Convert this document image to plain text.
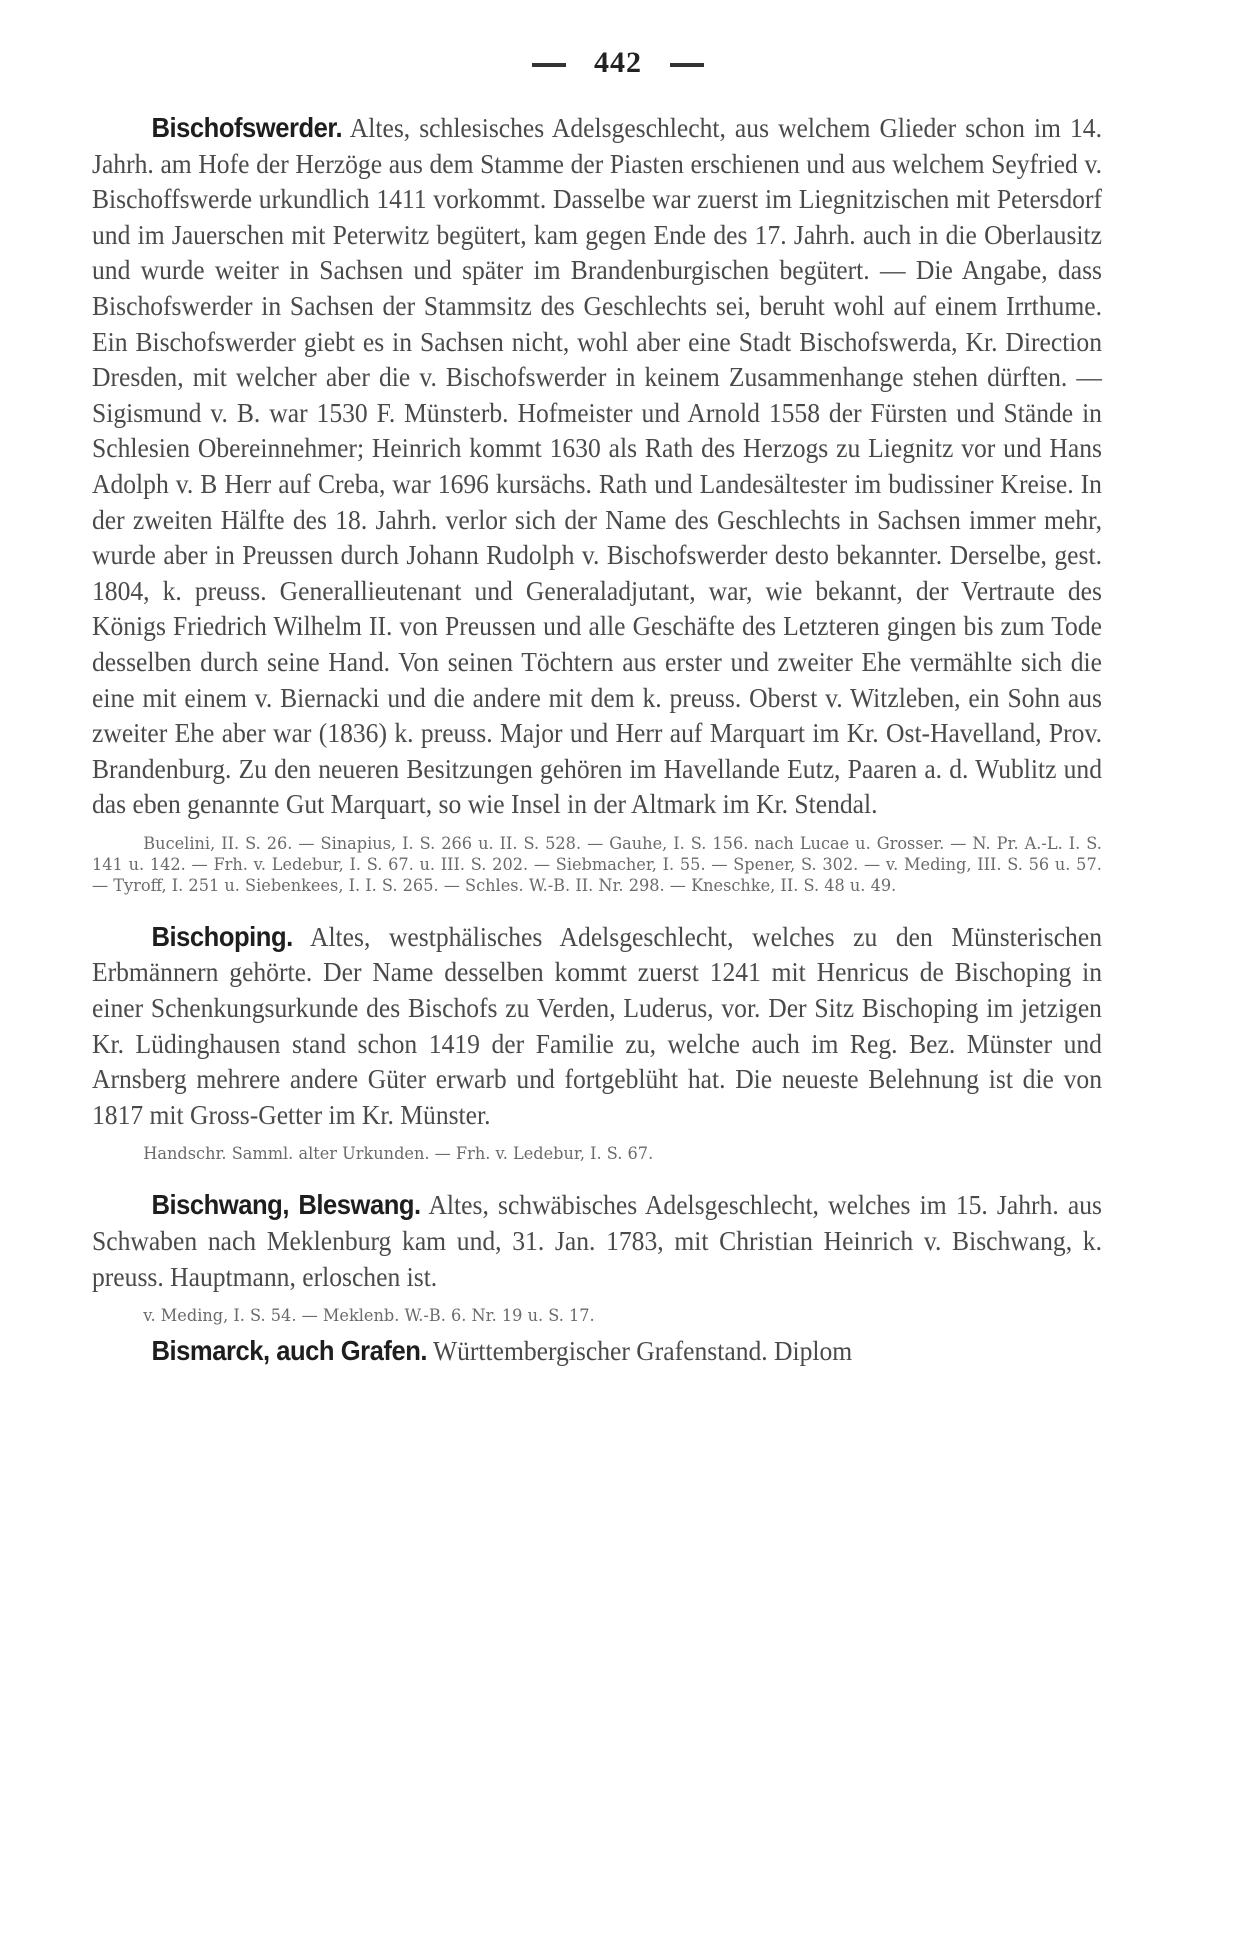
442

Bischofswerder. Altes, schlesisches Adelsgeschlecht, aus welchem Glieder schon im 14. Jahrh. am Hofe der Herzöge aus dem Stamme der Piasten erschienen und aus welchem Seyfried v. Bischoffswerde urkundlich 1411 vorkommt. Dasselbe war zuerst im Liegnitzischen mit Petersdorf und im Jauerschen mit Peterwitz begütert, kam gegen Ende des 17. Jahrh. auch in die Oberlausitz und wurde weiter in Sachsen und später im Brandenburgischen begütert. — Die Angabe, dass Bischofswerder in Sachsen der Stammsitz des Geschlechts sei, beruht wohl auf einem Irrthume. Ein Bischofswerder giebt es in Sachsen nicht, wohl aber eine Stadt Bischofswerda, Kr. Direction Dresden, mit welcher aber die v. Bischofswerder in keinem Zusammenhange stehen dürften. — Sigismund v. B. war 1530 F. Münsterb. Hofmeister und Arnold 1558 der Fürsten und Stände in Schlesien Obereinnehmer; Heinrich kommt 1630 als Rath des Herzogs zu Liegnitz vor und Hans Adolph v. B Herr auf Creba, war 1696 kursächs. Rath und Landesältester im budissiner Kreise. In der zweiten Hälfte des 18. Jahrh. verlor sich der Name des Geschlechts in Sachsen immer mehr, wurde aber in Preussen durch Johann Rudolph v. Bischofswerder desto bekannter. Derselbe, gest. 1804, k. preuss. Generallieutenant und Generaladjutant, war, wie bekannt, der Vertraute des Königs Friedrich Wilhelm II. von Preussen und alle Geschäfte des Letzteren gingen bis zum Tode desselben durch seine Hand. Von seinen Töchtern aus erster und zweiter Ehe vermählte sich die eine mit einem v. Biernacki und die andere mit dem k. preuss. Oberst v. Witzleben, ein Sohn aus zweiter Ehe aber war (1836) k. preuss. Major und Herr auf Marquart im Kr. Ost-Havelland, Prov. Brandenburg. Zu den neueren Besitzungen gehören im Havellande Eutz, Paaren a. d. Wublitz und das eben genannte Gut Marquart, so wie Insel in der Altmark im Kr. Stendal.

Bucelini, II. S. 26. — Sinapius, I. S. 266 u. II. S. 528. — Gauhe, I. S. 156. nach Lucae u. Grosser. — N. Pr. A.-L. I. S. 141 u. 142. — Frh. v. Ledebur, I. S. 67. u. III. S. 202. — Siebmacher, I. 55. — Spener, S. 302. — v. Meding, III. S. 56 u. 57. — Tyroff, I. 251 u. Siebenkees, I. I. S. 265. — Schles. W.-B. II. Nr. 298. — Kneschke, II. S. 48 u. 49.

Bischoping. Altes, westphälisches Adelsgeschlecht, welches zu den Münsterischen Erbmännern gehörte. Der Name desselben kommt zuerst 1241 mit Henricus de Bischoping in einer Schenkungsurkunde des Bischofs zu Verden, Luderus, vor. Der Sitz Bischoping im jetzigen Kr. Lüdinghausen stand schon 1419 der Familie zu, welche auch im Reg. Bez. Münster und Arnsberg mehrere andere Güter erwarb und fortgeblüht hat. Die neueste Belehnung ist die von 1817 mit Gross-Getter im Kr. Münster.

Handschr. Samml. alter Urkunden. — Frh. v. Ledebur, I. S. 67.

Bischwang, Bleswang. Altes, schwäbisches Adelsgeschlecht, welches im 15. Jahrh. aus Schwaben nach Meklenburg kam und, 31. Jan. 1783, mit Christian Heinrich v. Bischwang, k. preuss. Hauptmann, erloschen ist.

v. Meding, I. S. 54. — Meklenb. W.-B. 6. Nr. 19 u. S. 17.

Bismarck, auch Grafen. Württembergischer Grafenstand. Diplom
